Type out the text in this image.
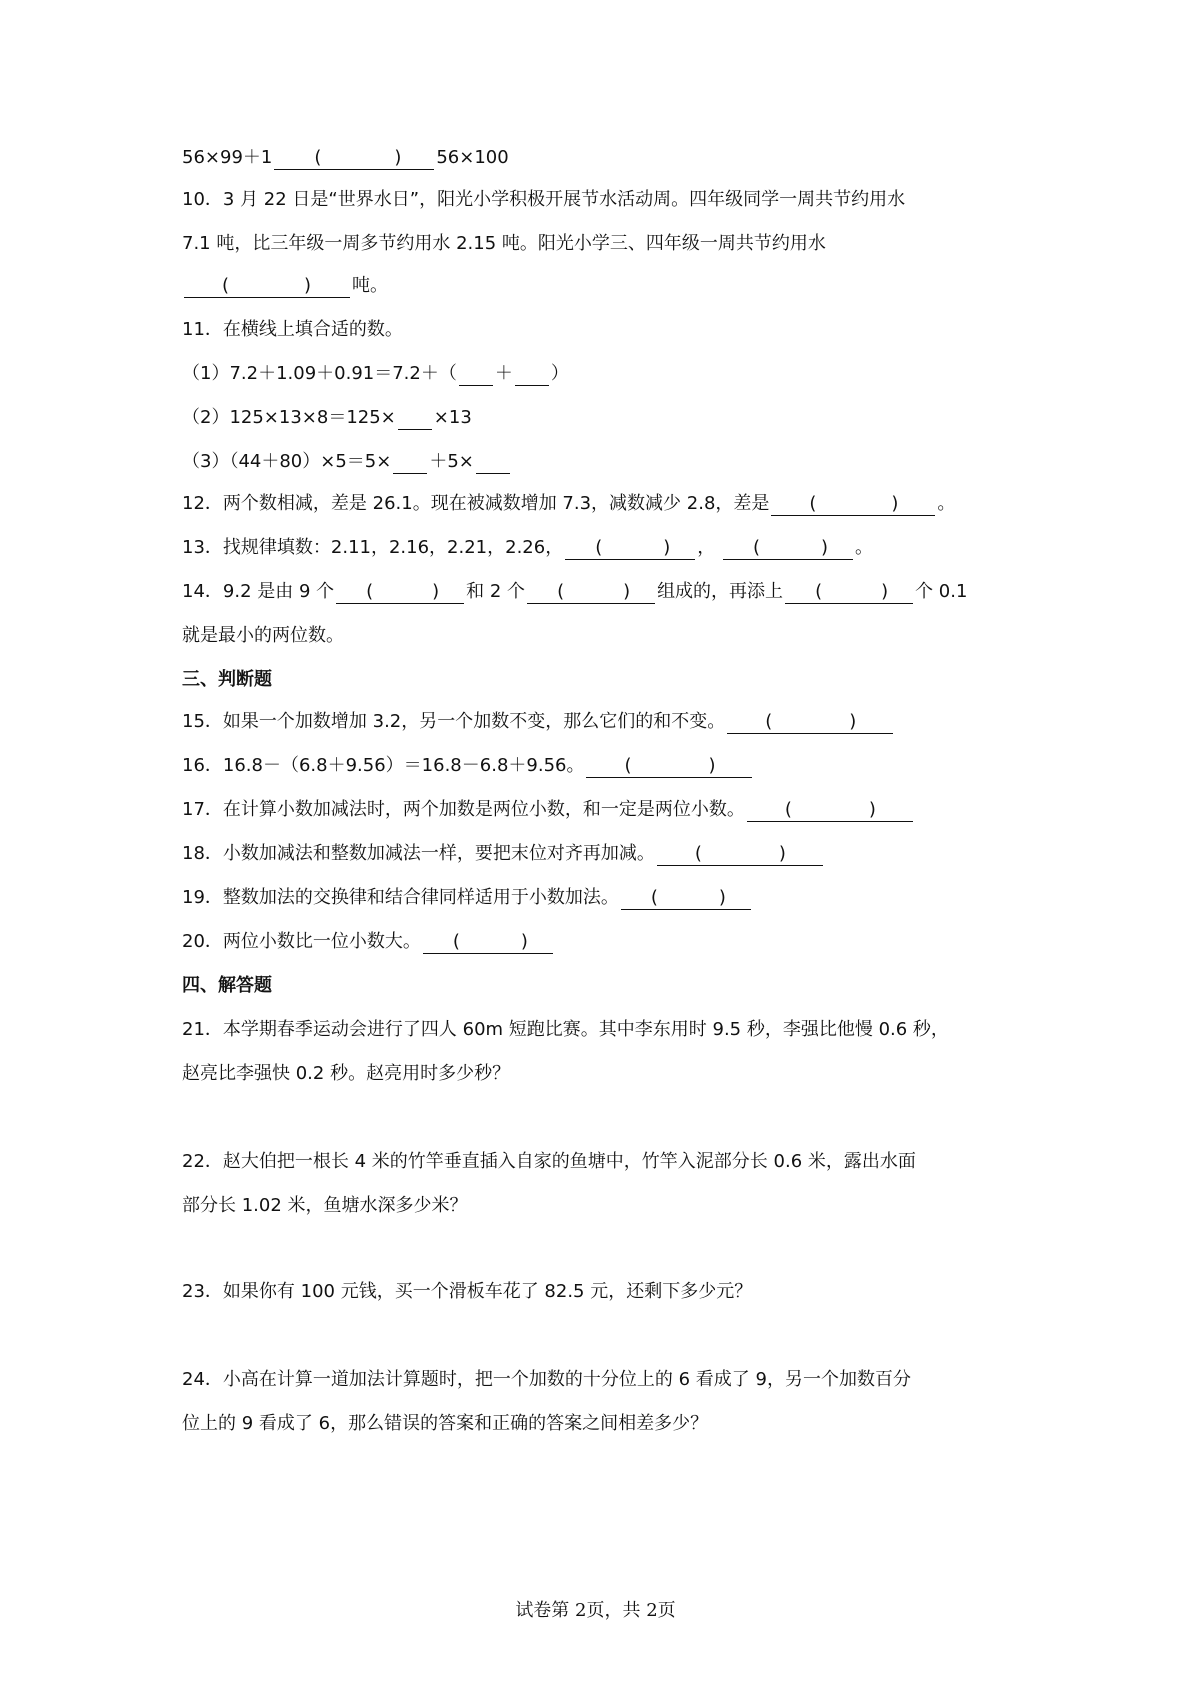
56×99＋1 (	) 56×100
10．3 月 22 日是“世界水日”，阳光小学积极开展节水活动周。四年级同学一周共节约用水
7.1 吨，比三年级一周多节约用水 2.15 吨。阳光小学三、四年级一周共节约用水
(	) 吨。
11．在横线上填合适的数。
（1）7.2＋1.09＋0.91＝7.2＋（ ＋ ）
（2）125×13×8＝125× ×13
（3）（44＋80）×5＝5× ＋5×
12．两个数相减，差是 26.1。现在被减数增加 7.3，减数减少 2.8，差是 (	) 。
13．找规律填数：2.11，2.16，2.21，2.26， (	) ， (	) 。
14．9.2 是由 9 个 (	) 和 2 个 (	) 组成的，再添上 (	) 个 0.1
就是最小的两位数。
三、判断题
15．如果一个加数增加 3.2，另一个加数不变，那么它们的和不变。 (	)
16．16.8－（6.8＋9.56）＝16.8－6.8＋9.56。 (	)
17．在计算小数加减法时，两个加数是两位小数，和一定是两位小数。 (	)
18．小数加减法和整数加减法一样，要把末位对齐再加减。 (	)
19．整数加法的交换律和结合律同样适用于小数加法。 (	)
20．两位小数比一位小数大。 (	)
四、解答题
21．本学期春季运动会进行了四人 60m 短跑比赛。其中李东用时 9.5 秒，李强比他慢 0.6 秒，
赵亮比李强快 0.2 秒。赵亮用时多少秒？
22．赵大伯把一根长 4 米的竹竿垂直插入自家的鱼塘中，竹竿入泥部分长 0.6 米，露出水面
部分长 1.02 米，鱼塘水深多少米？
23．如果你有 100 元钱，买一个滑板车花了 82.5 元，还剩下多少元？
24．小高在计算一道加法计算题时，把一个加数的十分位上的 6 看成了 9，另一个加数百分
位上的 9 看成了 6，那么错误的答案和正确的答案之间相差多少？
试卷第 2页，共 2页
